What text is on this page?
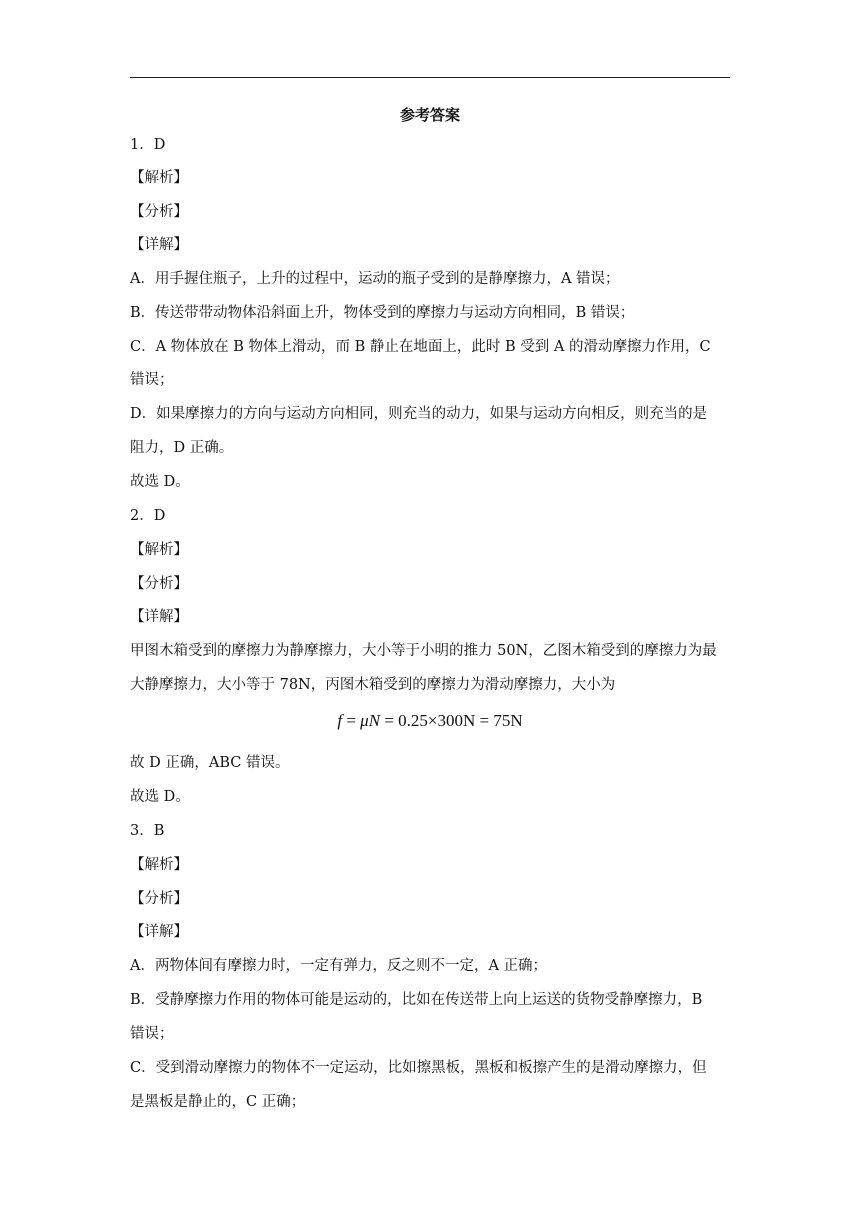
参考答案
1．D
【解析】
【分析】
【详解】
A．用手握住瓶子，上升的过程中，运动的瓶子受到的是静摩擦力，A 错误；
B．传送带带动物体沿斜面上升，物体受到的摩擦力与运动方向相同，B 错误；
C．A 物体放在 B 物体上滑动，而 B 静止在地面上，此时 B 受到 A 的滑动摩擦力作用，C
错误；
D．如果摩擦力的方向与运动方向相同，则充当的动力，如果与运动方向相反，则充当的是
阻力，D 正确。
故选 D。
2．D
【解析】
【分析】
【详解】
甲图木箱受到的摩擦力为静摩擦力，大小等于小明的推力 50N，乙图木箱受到的摩擦力为最
大静摩擦力，大小等于 78N，丙图木箱受到的摩擦力为滑动摩擦力，大小为
f = μN = 0.25×300N = 75N
故 D 正确，ABC 错误。
故选 D。
3．B
【解析】
【分析】
【详解】
A．两物体间有摩擦力时，一定有弹力，反之则不一定，A 正确；
B．受静摩擦力作用的物体可能是运动的，比如在传送带上向上运送的货物受静摩擦力，B
错误；
C．受到滑动摩擦力的物体不一定运动，比如擦黑板，黑板和板擦产生的是滑动摩擦力，但
是黑板是静止的，C 正确；
